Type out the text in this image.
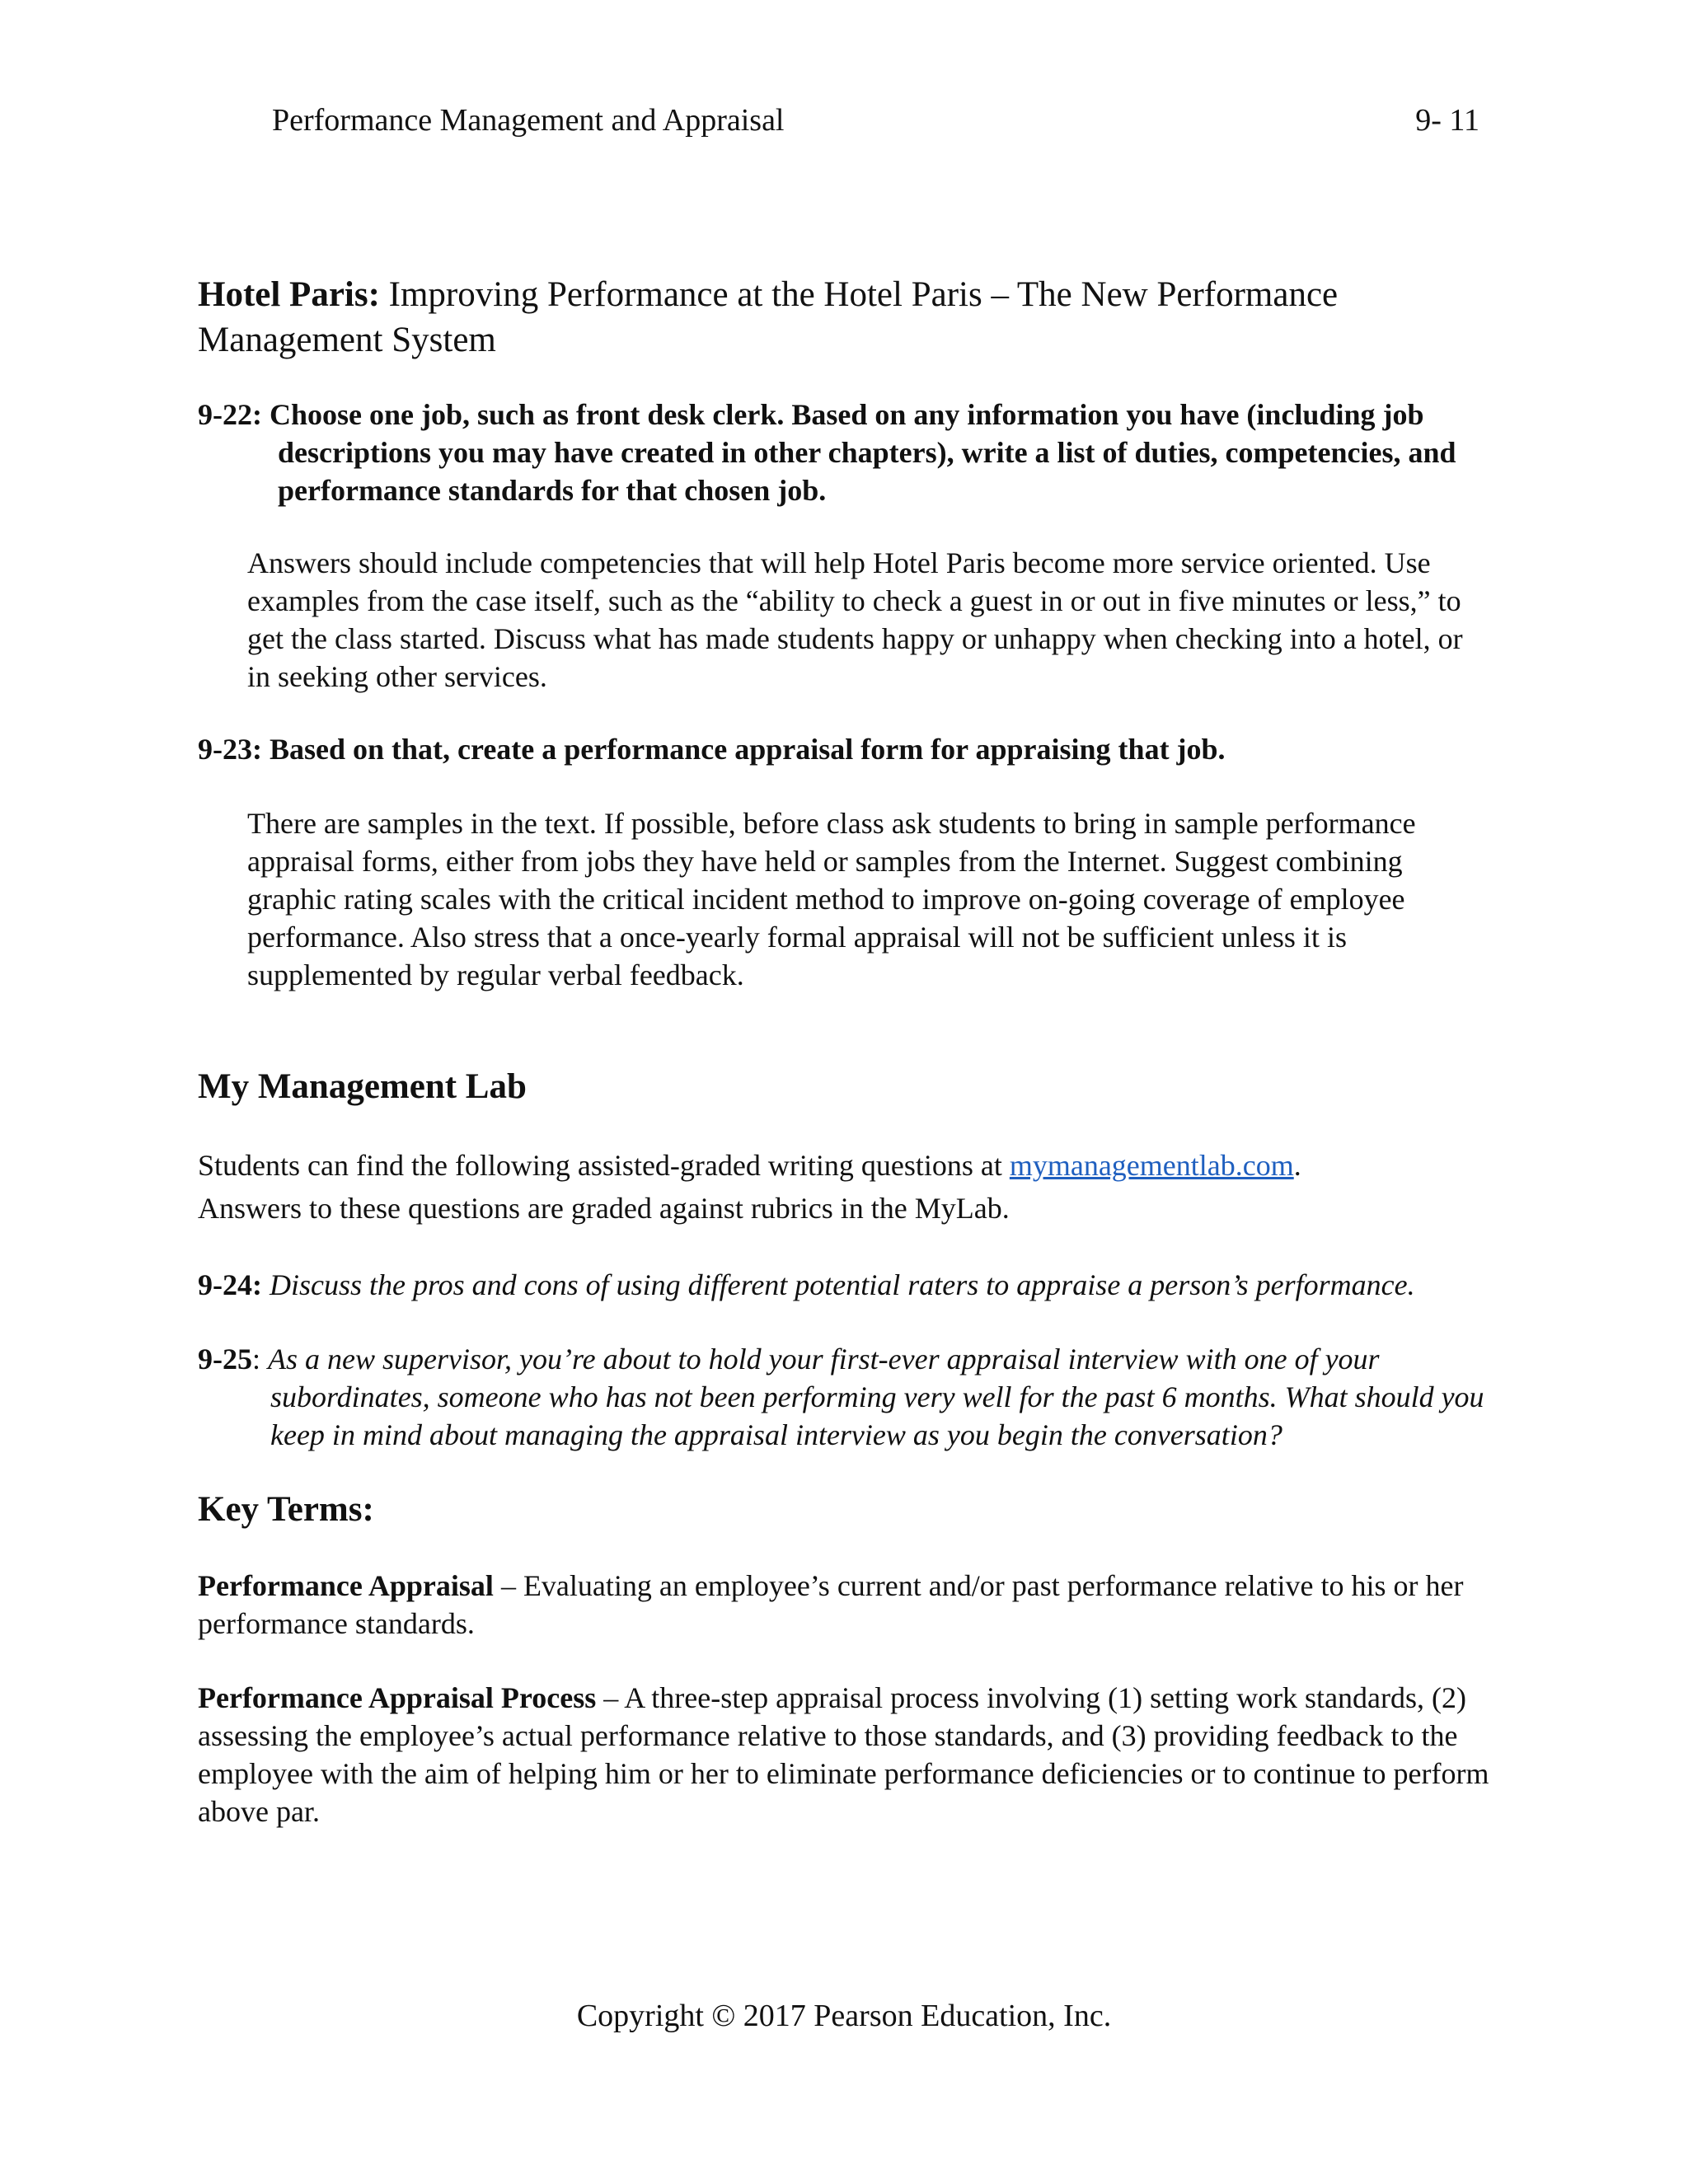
Performance Management and Appraisal	9- 11

Hotel Paris: Improving Performance at the Hotel Paris – The New Performance Management System

9-22: Choose one job, such as front desk clerk. Based on any information you have (including job descriptions you may have created in other chapters), write a list of duties, competencies, and performance standards for that chosen job.
Answers should include competencies that will help Hotel Paris become more service oriented. Use examples from the case itself, such as the “ability to check a guest in or out in five minutes or less,” to get the class started. Discuss what has made students happy or unhappy when checking into a hotel, or in seeking other services.
9-23: Based on that, create a performance appraisal form for appraising that job.
There are samples in the text. If possible, before class ask students to bring in sample performance appraisal forms, either from jobs they have held or samples from the Internet. Suggest combining graphic rating scales with the critical incident method to improve on-going coverage of employee performance. Also stress that a once-yearly formal appraisal will not be sufficient unless it is supplemented by regular verbal feedback.
My Management Lab
Students can find the following assisted-graded writing questions at mymanagementlab.com.
Answers to these questions are graded against rubrics in the MyLab.
9-24: Discuss the pros and cons of using different potential raters to appraise a person’s performance.
9-25: As a new supervisor, you’re about to hold your first-ever appraisal interview with one of your subordinates, someone who has not been performing very well for the past 6 months. What should you keep in mind about managing the appraisal interview as you begin the conversation?
Key Terms:
Performance Appraisal – Evaluating an employee’s current and/or past performance relative to his or her performance standards.
Performance Appraisal Process – A three-step appraisal process involving (1) setting work standards, (2) assessing the employee’s actual performance relative to those standards, and (3) providing feedback to the employee with the aim of helping him or her to eliminate performance deficiencies or to continue to perform above par.
Copyright © 2017 Pearson Education, Inc.
